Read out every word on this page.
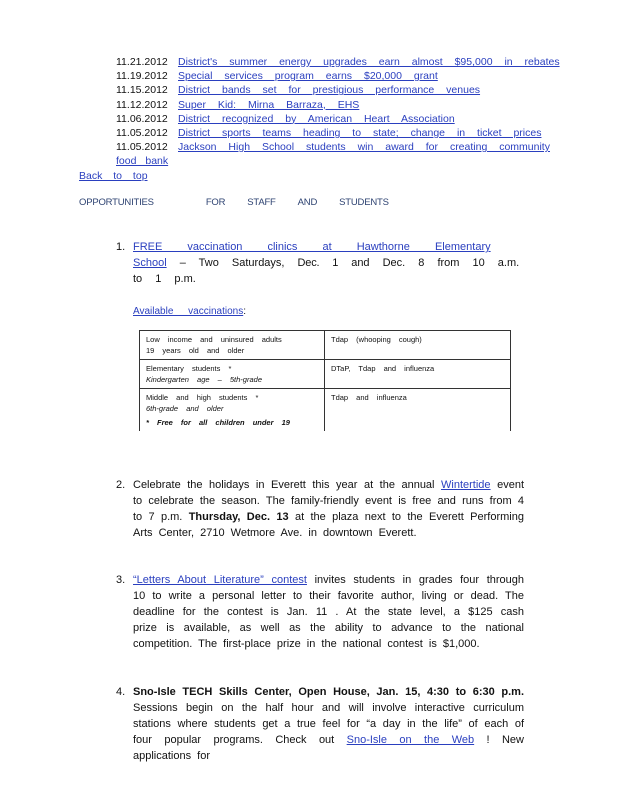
11.21.2012 District's summer energy upgrades earn almost $95,000 in rebates
11.19.2012 Special services program earns $20,000 grant
11.15.2012 District bands set for prestigious performance venues
11.12.2012 Super Kid: Mirna Barraza, EHS
11.06.2012 District recognized by American Heart Association
11.05.2012 District sports teams heading to state; change in ticket prices
11.05.2012 Jackson High School students win award for creating community
food bank
Back to top
OPPORTUNITIES	FOR STAFF AND STUDENTS
1. FREE vaccination clinics at Hawthorne Elementary School – Two Saturdays, Dec. 1 and Dec. 8 from 10 a.m. to 1 p.m.
Available vaccinations:
Low income and uninsured adults
19 years old and older	Tdap (whooping cough)
Elementary students *
Kindergarten age – 5th-grade	DTaP, Tdap and influenza
Middle and high students *
6th-grade and older
* Free for all children under 19	Tdap and influenza
2. Celebrate the holidays in Everett this year at the annual Wintertide event to celebrate the season. The family-friendly event is free and runs from 4 to 7 p.m. Thursday, Dec. 13 at the plaza next to the Everett Performing Arts Center, 2710 Wetmore Ave. in downtown Everett.
3. “Letters About Literature” contest invites students in grades four through 10 to write a personal letter to their favorite author, living or dead. The deadline for the contest is Jan. 11 . At the state level, a $125 cash prize is available, as well as the ability to advance to the national competition. The first-place prize in the national contest is $1,000.
4. Sno-Isle TECH Skills Center, Open House, Jan. 15, 4:30 to 6:30 p.m. Sessions begin on the half hour and will involve interactive curriculum stations where students get a true feel for “a day in the life” of each of four popular programs. Check out Sno-Isle on the Web ! New applications for
